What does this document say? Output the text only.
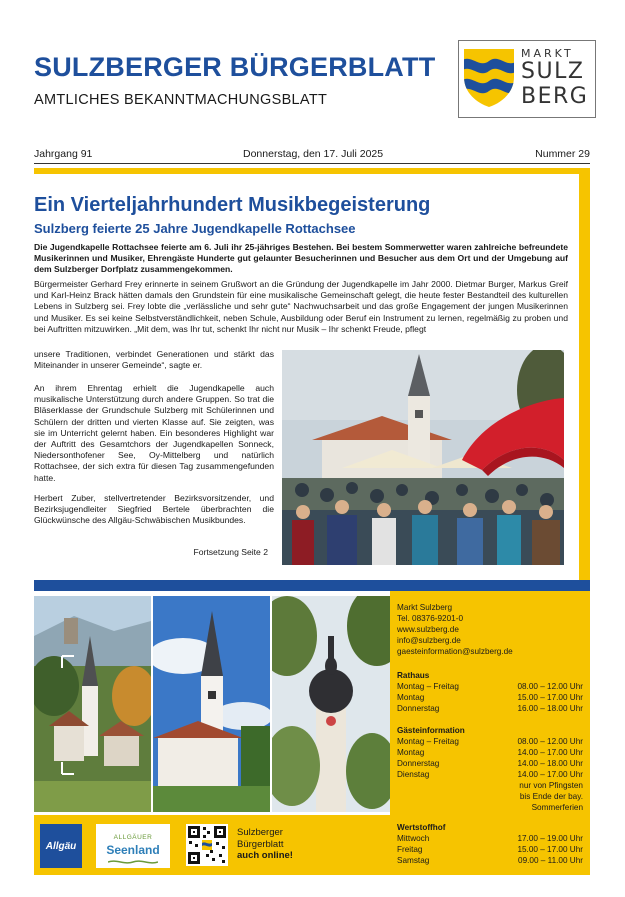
SULZBERGER BÜRGERBLATT
AMTLICHES BEKANNTMACHUNGSBLATT
MARKT
SULZ
BERG
Jahrgang 91	Donnerstag, den 17. Juli 2025	Nummer 29
Ein Vierteljahrhundert Musikbegeisterung
Sulzberg feierte 25 Jahre Jugendkapelle Rottachsee
Die Jugendkapelle Rottachsee feierte am 6. Juli ihr 25-jähriges Bestehen. Bei bestem Sommerwetter waren zahlreiche befreundete Musikerinnen und Musiker, Ehrengäste Hunderte gut gelaunter Besucherinnen und Besucher aus dem Ort und der Umgebung auf dem Sulzberger Dorfplatz zusammengekommen.
Bürgermeister Gerhard Frey erinnerte in seinem Grußwort an die Gründung der Jugendkapelle im Jahr 2000. Dietmar Burger, Markus Greif und Karl-Heinz Brack hätten damals den Grundstein für eine musikalische Gemeinschaft gelegt, die heute fester Bestandteil des kulturellen Lebens in Sulzberg sei. Frey lobte die „verlässliche und sehr gute“ Nachwuchsarbeit und das große Engagement der jungen Musikerinnen und Musiker. Es sei keine Selbstverständlichkeit, neben Schule, Ausbildung oder Beruf ein Instrument zu lernen, regelmäßig zu proben und bei Auftritten mitzuwirken. „Mit dem, was Ihr tut, schenkt Ihr nicht nur Musik – Ihr schenkt Freude, pflegt
unsere Traditionen, verbindet Generationen und stärkt das Miteinander in unserer Gemeinde“, sagte er.
An ihrem Ehrentag erhielt die Jugendkapelle auch musikalische Unterstützung durch andere Gruppen. So trat die Bläserklasse der Grundschule Sulzberg mit Schülerinnen und Schülern der dritten und vierten Klasse auf. Sie zeigten, was sie im Unterricht gelernt haben. Ein besonderes Highlight war der Auftritt des Gesamtchors der Jugendkapellen Sonneck, Niedersonthofener See, Oy-Mittelberg und natürlich Rottachsee, der sich extra für diesen Tag zusammengefunden hatte.
Herbert Zuber, stellvertretender Bezirksvorsitzender, und Bezirksjugendleiter Siegfried Bertele überbrachten die Glückwünsche des Allgäu-Schwäbischen Musikbundes.
Fortsetzung Seite 2
Markt Sulzberg
Tel. 08376-9201-0
www.sulzberg.de
info@sulzberg.de
gaesteinformation@sulzberg.de
Rathaus
Montag – Freitag	08.00 – 12.00 Uhr
Montag	15.00 – 17.00 Uhr
Donnerstag	16.00 – 18.00 Uhr
Gästeinformation
Montag – Freitag	08.00 – 12.00 Uhr
Montag	14.00 – 17.00 Uhr
Donnerstag	14.00 – 18.00 Uhr
Dienstag	14.00 – 17.00 Uhr
nur von Pfingsten
bis Ende der bay.
Sommerferien
Wertstoffhof
Mittwoch	17.00 – 19.00 Uhr
Freitag	15.00 – 17.00 Uhr
Samstag	09.00 – 11.00 Uhr
Allgäu
ALLGÄUER
Seenland
Sulzberger
Bürgerblatt
auch online!
